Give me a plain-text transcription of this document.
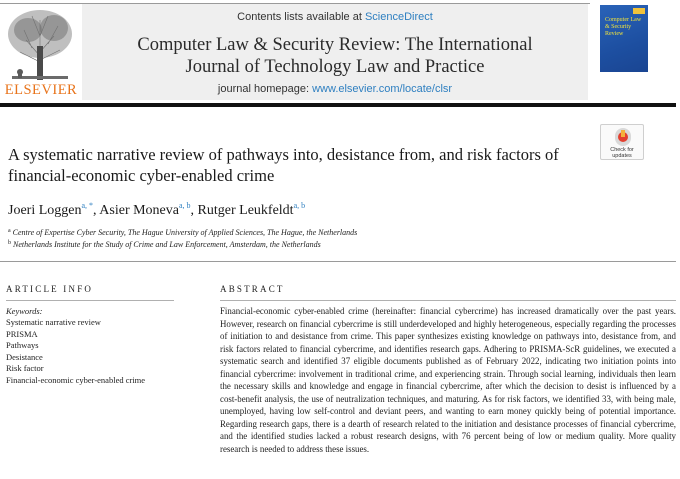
ELSEVIER
Contents lists available at ScienceDirect
Computer Law & Security Review: The International
Journal of Technology Law and Practice
journal homepage: www.elsevier.com/locate/clsr
Computer Law & Security Review
A systematic narrative review of pathways into, desistance from, and risk factors of financial-economic cyber-enabled crime
Check for updates
Joeri Loggen$^{a, *}$, Asier Moneva$^{a, b}$, Rutger Leukfeldt$^{a, b}$
$^a$ Centre of Expertise Cyber Security, The Hague University of Applied Sciences, The Hague, the Netherlands
$^b$ Netherlands Institute for the Study of Crime and Law Enforcement, Amsterdam, the Netherlands
ARTICLE INFO
Keywords:
Systematic narrative review
PRISMA
Pathways
Desistance
Risk factor
Financial-economic cyber-enabled crime
ABSTRACT

Financial-economic cyber-enabled crime (hereinafter: financial cybercrime) has increased dramatically over the past years. However, research on financial cybercrime is still underdeveloped and highly heterogeneous, especially regarding the processes of initiation to and desistance from crime. This paper synthesizes existing knowledge on pathways into, desistance from, and risk factors related to financial cybercrime, and identifies research gaps. Adhering to PRISMA-ScR guidelines, we executed a systematic search and identified 37 eligible documents published as of February 2022, indicating two initiation points into financial cybercrime: involvement in traditional crime, and experiencing strain. Through social learning, individuals then learn the necessary skills and knowledge and engage in financial cybercrime, after which the decision to desist is influenced by a cost-benefit analysis, the use of neutralization techniques, and maturing. As for risk factors, we identified 33, with being male, unemployed, having low self-control and deviant peers, and wanting to earn money quickly being of potential importance. Regarding research gaps, there is a dearth of research related to the initiation and desistance processes of financial cybercrime, and the identified studies lacked a robust research designs, with 76 percent being of low or medium quality. More quality research is needed to address these issues.
